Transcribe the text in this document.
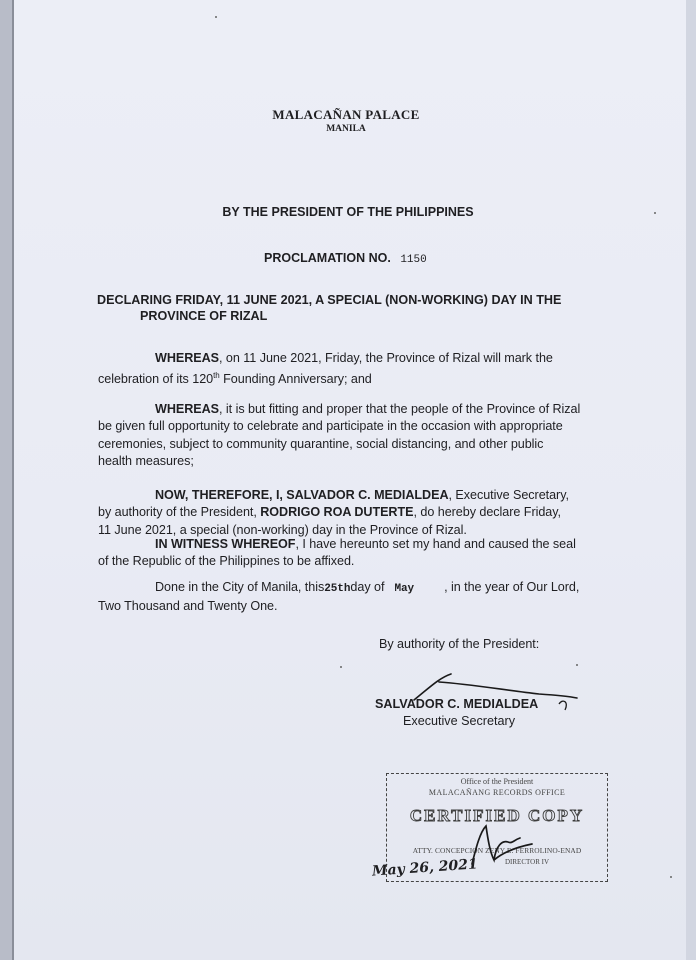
MALACAÑAN PALACE
MANILA
BY THE PRESIDENT OF THE PHILIPPINES
PROCLAMATION NO. 1150
DECLARING FRIDAY, 11 JUNE 2021, A SPECIAL (NON-WORKING) DAY IN THE
PROVINCE OF RIZAL
WHEREAS, on 11 June 2021, Friday, the Province of Rizal will mark the
celebration of its 120th Founding Anniversary; and
WHEREAS, it is but fitting and proper that the people of the Province of Rizal
be given full opportunity to celebrate and participate in the occasion with appropriate
ceremonies, subject to community quarantine, social distancing, and other public
health measures;
NOW, THEREFORE, I, SALVADOR C. MEDIALDEA, Executive Secretary,
by authority of the President, RODRIGO ROA DUTERTE, do hereby declare Friday,
11 June 2021, a special (non-working) day in the Province of Rizal.
IN WITNESS WHEREOF, I have hereunto set my hand and caused the seal
of the Republic of the Philippines to be affixed.
Done in the City of Manila, this25thday of May , in the year of Our Lord,
Two Thousand and Twenty One.
By authority of the President:
SALVADOR C. MEDIALDEA
Executive Secretary
Office of the President
MALACAÑANG RECORDS OFFICE
CERTIFIED COPY
ATTY. CONCEPCION ZENY E. FERROLINO-ENAD
DIRECTOR IV
May 26, 2021
